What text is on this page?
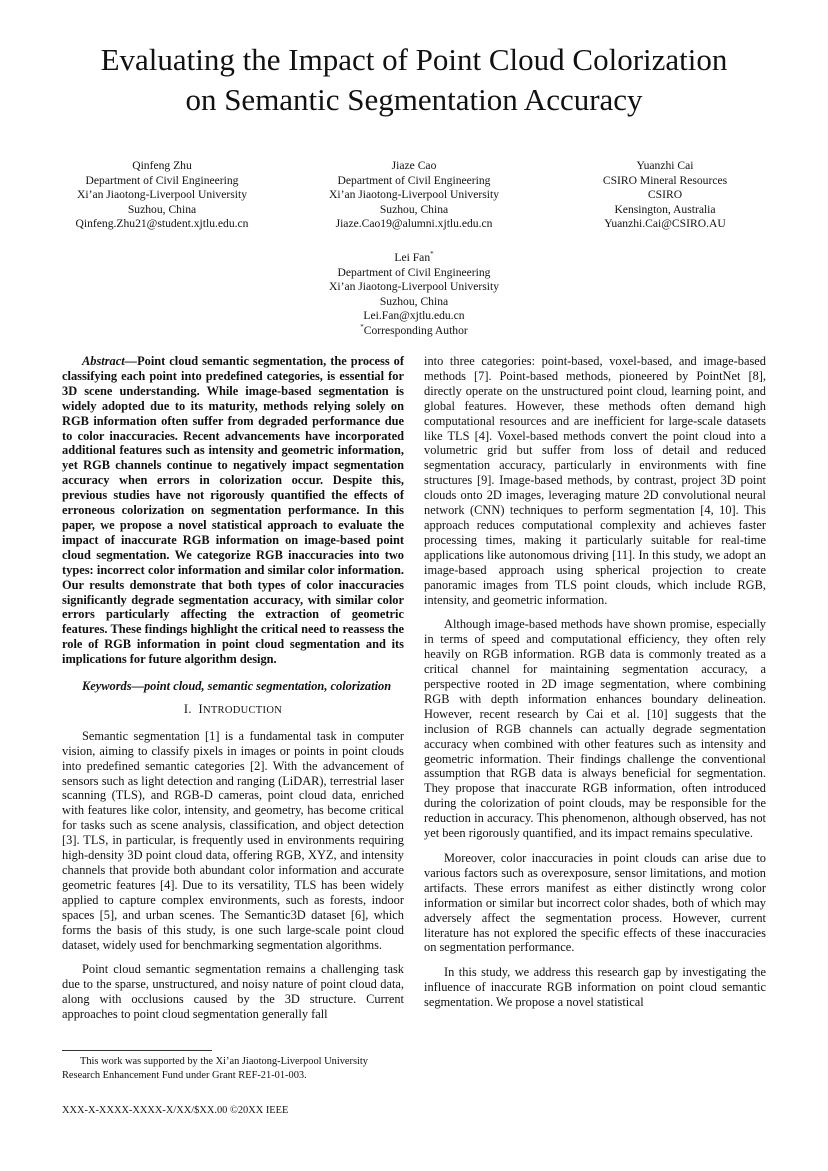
Evaluating the Impact of Point Cloud Colorization
on Semantic Segmentation Accuracy
Qinfeng Zhu
Department of Civil Engineering
Xi’an Jiaotong-Liverpool University
Suzhou, China
Qinfeng.Zhu21@student.xjtlu.edu.cn
Jiaze Cao
Department of Civil Engineering
Xi’an Jiaotong-Liverpool University
Suzhou, China
Jiaze.Cao19@alumni.xjtlu.edu.cn
Yuanzhi Cai
CSIRO Mineral Resources
CSIRO
Kensington, Australia
Yuanzhi.Cai@CSIRO.AU
Lei Fan*
Department of Civil Engineering
Xi’an Jiaotong-Liverpool University
Suzhou, China
Lei.Fan@xjtlu.edu.cn
*Corresponding Author

Abstract—Point cloud semantic segmentation, the process of classifying each point into predefined categories, is essential for 3D scene understanding. While image-based segmentation is widely adopted due to its maturity, methods relying solely on RGB information often suffer from degraded performance due to color inaccuracies. Recent advancements have incorporated additional features such as intensity and geometric information, yet RGB channels continue to negatively impact segmentation accuracy when errors in colorization occur. Despite this, previous studies have not rigorously quantified the effects of erroneous colorization on segmentation performance. In this paper, we propose a novel statistical approach to evaluate the impact of inaccurate RGB information on image-based point cloud segmentation. We categorize RGB inaccuracies into two types: incorrect color information and similar color information. Our results demonstrate that both types of color inaccuracies significantly degrade segmentation accuracy, with similar color errors particularly affecting the extraction of geometric features. These findings highlight the critical need to reassess the role of RGB information in point cloud segmentation and its implications for future algorithm design.

Keywords—point cloud, semantic segmentation, colorization

I. INTRODUCTION

Semantic segmentation [1] is a fundamental task in computer vision, aiming to classify pixels in images or points in point clouds into predefined semantic categories [2]. With the advancement of sensors such as light detection and ranging (LiDAR), terrestrial laser scanning (TLS), and RGB-D cameras, point cloud data, enriched with features like color, intensity, and geometry, has become critical for tasks such as scene analysis, classification, and object detection [3]. TLS, in particular, is frequently used in environments requiring high-density 3D point cloud data, offering RGB, XYZ, and intensity channels that provide both abundant color information and accurate geometric features [4]. Due to its versatility, TLS has been widely applied to capture complex environments, such as forests, indoor spaces [5], and urban scenes. The Semantic3D dataset [6], which forms the basis of this study, is one such large-scale point cloud dataset, widely used for benchmarking segmentation algorithms.

Point cloud semantic segmentation remains a challenging task due to the sparse, unstructured, and noisy nature of point cloud data, along with occlusions caused by the 3D structure. Current approaches to point cloud segmentation generally fall

into three categories: point-based, voxel-based, and image-based methods [7]. Point-based methods, pioneered by PointNet [8], directly operate on the unstructured point cloud, learning point, and global features. However, these methods often demand high computational resources and are inefficient for large-scale datasets like TLS [4]. Voxel-based methods convert the point cloud into a volumetric grid but suffer from loss of detail and reduced segmentation accuracy, particularly in environments with fine structures [9]. Image-based methods, by contrast, project 3D point clouds onto 2D images, leveraging mature 2D convolutional neural network (CNN) techniques to perform segmentation [4, 10]. This approach reduces computational complexity and achieves faster processing times, making it particularly suitable for real-time applications like autonomous driving [11]. In this study, we adopt an image-based approach using spherical projection to create panoramic images from TLS point clouds, which include RGB, intensity, and geometric information.

Although image-based methods have shown promise, especially in terms of speed and computational efficiency, they often rely heavily on RGB information. RGB data is commonly treated as a critical channel for maintaining segmentation accuracy, a perspective rooted in 2D image segmentation, where combining RGB with depth information enhances boundary delineation. However, recent research by Cai et al. [10] suggests that the inclusion of RGB channels can actually degrade segmentation accuracy when combined with other features such as intensity and geometric information. Their findings challenge the conventional assumption that RGB data is always beneficial for segmentation. They propose that inaccurate RGB information, often introduced during the colorization of point clouds, may be responsible for the reduction in accuracy. This phenomenon, although observed, has not yet been rigorously quantified, and its impact remains speculative.

Moreover, color inaccuracies in point clouds can arise due to various factors such as overexposure, sensor limitations, and motion artifacts. These errors manifest as either distinctly wrong color information or similar but incorrect color shades, both of which may adversely affect the segmentation process. However, current literature has not explored the specific effects of these inaccuracies on segmentation performance.

In this study, we address this research gap by investigating the influence of inaccurate RGB information on point cloud semantic segmentation. We propose a novel statistical

This work was supported by the Xi’an Jiaotong-Liverpool University Research Enhancement Fund under Grant REF-21-01-003.

XXX-X-XXXX-XXXX-X/XX/$XX.00 ©20XX IEEE
